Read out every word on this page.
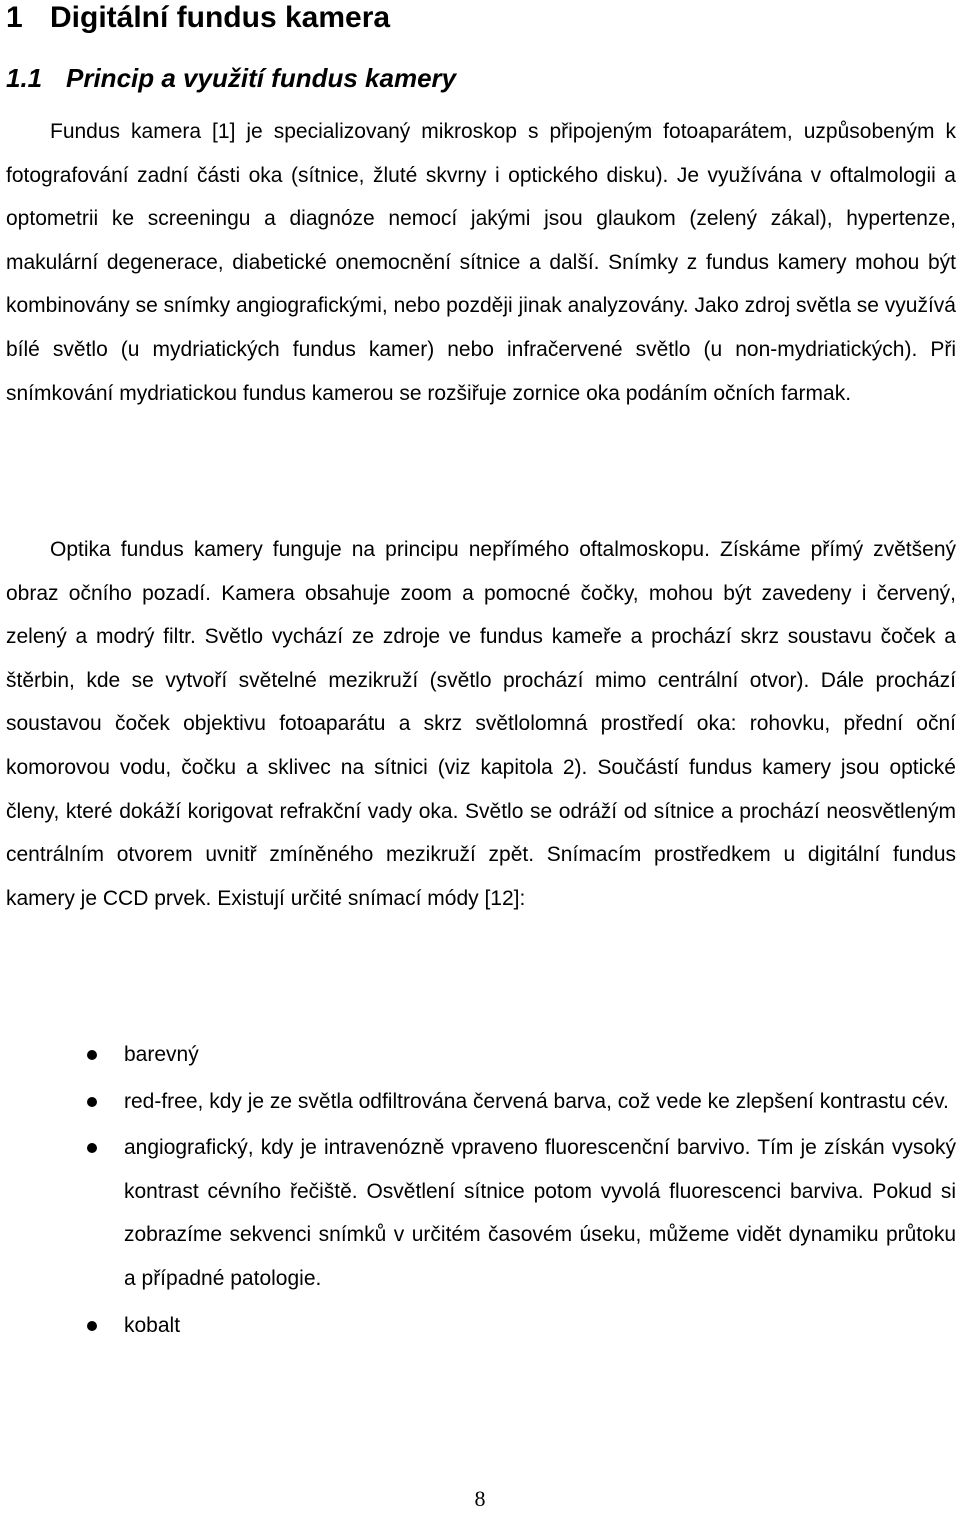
1 Digitální fundus kamera
1.1 Princip a využití fundus kamery

Fundus kamera [1] je specializovaný mikroskop s připojeným fotoaparátem, uzpůsobeným k fotografování zadní části oka (sítnice, žluté skvrny i optického disku). Je využívána v oftalmologii a optometrii ke screeningu a diagnóze nemocí jakými jsou glaukom (zelený zákal), hypertenze, makulární degenerace, diabetické onemocnění sítnice a další. Snímky z fundus kamery mohou být kombinovány se snímky angiografickými, nebo později jinak analyzovány. Jako zdroj světla se využívá bílé světlo (u mydriatických fundus kamer) nebo infračervené světlo (u non-mydriatických). Při snímkování mydriatickou fundus kamerou se rozšiřuje zornice oka podáním očních farmak.

Optika fundus kamery funguje na principu nepřímého oftalmoskopu. Získáme přímý zvětšený obraz očního pozadí. Kamera obsahuje zoom a pomocné čočky, mohou být zavedeny i červený, zelený a modrý filtr. Světlo vychází ze zdroje ve fundus kameře a prochází skrz soustavu čoček a štěrbin, kde se vytvoří světelné mezikruží (světlo prochází mimo centrální otvor). Dále prochází soustavou čoček objektivu fotoaparátu a skrz světlolomná prostředí oka: rohovku, přední oční komorovou vodu, čočku a sklivec na sítnici (viz kapitola 2). Součástí fundus kamery jsou optické členy, které dokáží korigovat refrakční vady oka. Světlo se odráží od sítnice a prochází neosvětleným centrálním otvorem uvnitř zmíněného mezikruží zpět. Snímacím prostředkem u digitální fundus kamery je CCD prvek. Existují určité snímací módy [12]:

barevný
red-free, kdy je ze světla odfiltrována červená barva, což vede ke zlepšení kontrastu cév.
angiografický, kdy je intravenózně vpraveno fluorescenční barvivo. Tím je získán vysoký kontrast cévního řečiště. Osvětlení sítnice potom vyvolá fluorescenci barviva. Pokud si zobrazíme sekvenci snímků v určitém časovém úseku, můžeme vidět dynamiku průtoku a případné patologie.
kobalt
8
